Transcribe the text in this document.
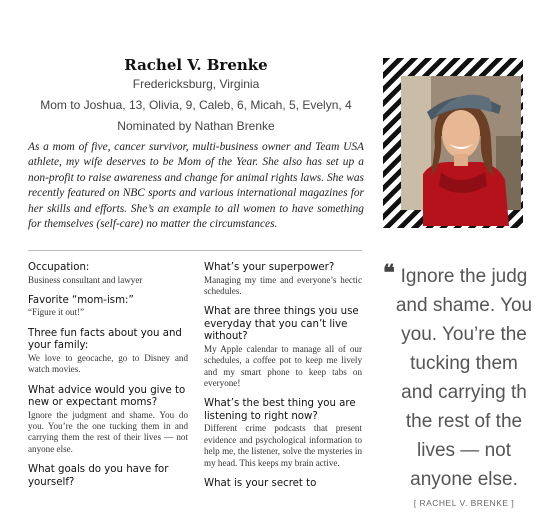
Rachel V. Brenke
Fredericksburg, Virginia
Mom to Joshua, 13, Olivia, 9, Caleb, 6, Micah, 5, Evelyn, 4
Nominated by Nathan Brenke

As a mom of five, cancer survivor, multi-business owner and Team USA athlete, my wife deserves to be Mom of the Year. She also has set up a non-profit to raise awareness and change for animal rights laws. She was recently featured on NBC sports and various international magazines for her skills and efforts. She’s an example to all women to have something for themselves (self-care) no matter the circumstances.

Occupation:
Business consultant and lawyer
Favorite “mom-ism:”
“Figure it out!”
Three fun facts about you and your family:
We love to geocache, go to Disney and watch movies.
What advice would you give to new or expectant moms?
Ignore the judgment and shame. You do you. You’re the one tucking them in and carrying them the rest of their lives — not anyone else.
What goals do you have for yourself?
What’s your superpower?
Managing my time and everyone’s hectic schedules.
What are three things you use everyday that you can’t live without?
My Apple calendar to manage all of our schedules, a coffee pot to keep me lively and my smart phone to keep tabs on everyone!
What’s the best thing you are listening to right now?
Different crime podcasts that present evidence and psychological information to help me, the listener, solve the mysteries in my head. This keeps my brain active.
What is your secret to
❝ Ignore the judg
and shame. You
you. You’re the
tucking them
and carrying th
the rest of the
lives — not
anyone else.
[ RACHEL V. BRENKE ]
